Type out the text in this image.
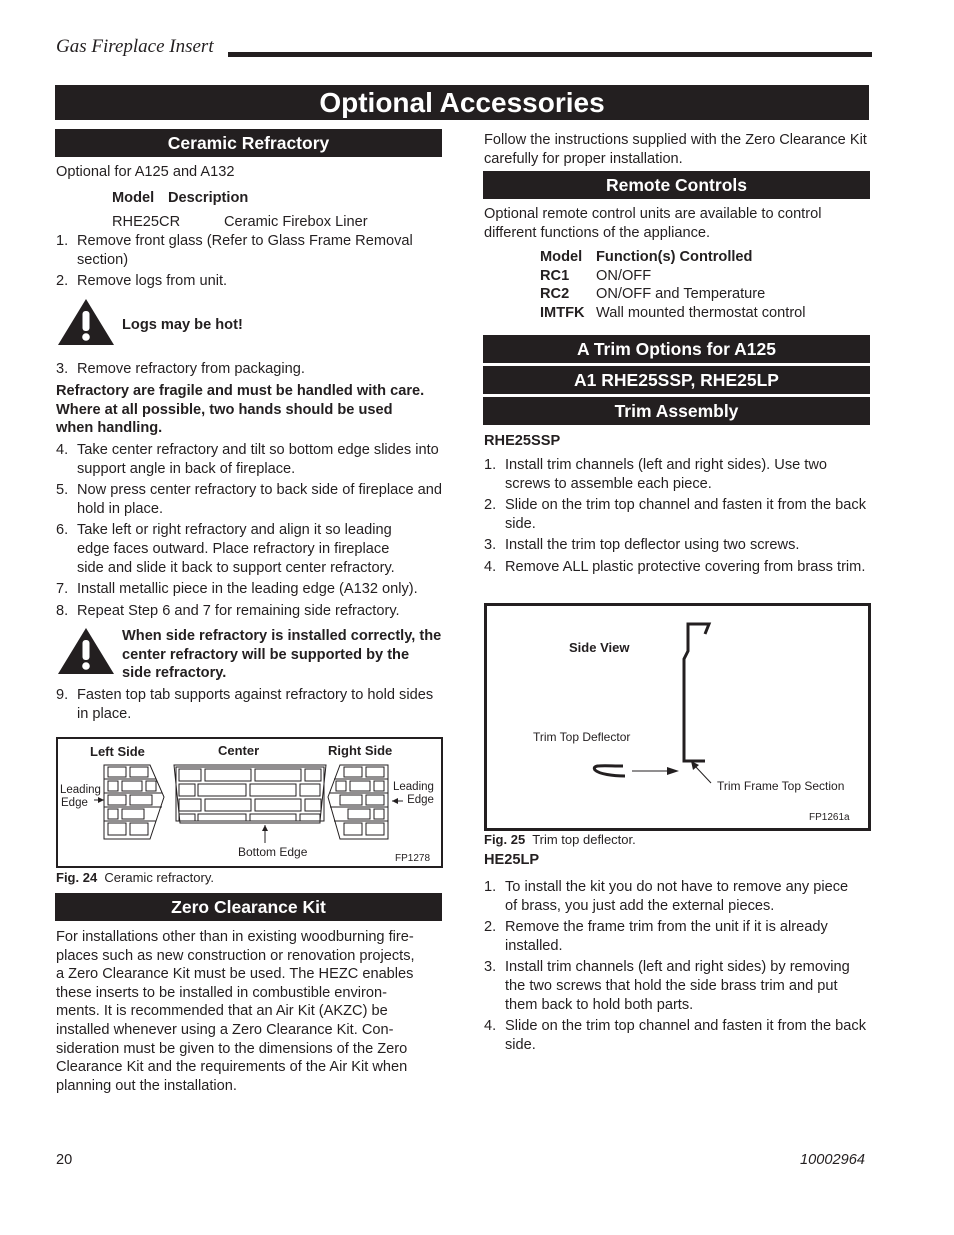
Gas Fireplace Insert
Optional Accessories
Ceramic Refractory
Optional for A125 and A132
Model Description
RHE25CR	Ceramic Firebox Liner
1. Remove front glass (Refer to Glass Frame Removal section)
2. Remove logs from unit.
Logs may be hot!
3. Remove refractory from packaging.
Refractory are fragile and must be handled with care. Where at all possible, two hands should be used when handling.
4. Take center refractory and tilt so bottom edge slides into support angle in back of fireplace.
5. Now press center refractory to back side of fireplace and hold in place.
6. Take left or right refractory and align it so leading edge faces outward. Place refractory in fireplace side and slide it back to support center refractory.
7. Install metallic piece in the leading edge (A132 only).
8. Repeat Step 6 and 7 for remaining side refractory.
When side refractory is installed correctly, the center refractory will be supported by the side refractory.
9. Fasten top tab supports against refractory to hold sides in place.
Left Side	Center	Right Side
Leading
Edge
Leading
Edge
Bottom Edge	FP1278
Fig. 24 Ceramic refractory.
Zero Clearance Kit
For installations other than in existing woodburning fire-
places such as new construction or renovation projects,
a Zero Clearance Kit must be used. The HEZC enables
these inserts to be installed in combustible environ-
ments. It is recommended that an Air Kit (AKZC) be
installed whenever using a Zero Clearance Kit. Con-
sideration must be given to the dimensions of the Zero
Clearance Kit and the requirements of the Air Kit when
planning out the installation.
Follow the instructions supplied with the Zero Clearance Kit carefully for proper installation.
Remote Controls
Optional remote control units are available to control different functions of the appliance.
Model	Function(s) Controlled
RC1	ON/OFF
RC2	ON/OFF and Temperature
IMTFK	Wall mounted thermostat control
A Trim Options for A125
A1 RHE25SSP, RHE25LP
Trim Assembly
RHE25SSP
1. Install trim channels (left and right sides). Use two screws to assemble each piece.
2. Slide on the trim top channel and fasten it from the back side.
3. Install the trim top deflector using two screws.
4. Remove ALL plastic protective covering from brass trim.
Side View
Trim Top Deflector
Trim Frame Top Section
FP1261a
Fig. 25 Trim top deflector.
HE25LP
1. To install the kit you do not have to remove any piece of brass, you just add the external pieces.
2. Remove the frame trim from the unit if it is already installed.
3. Install trim channels (left and right sides) by removing the two screws that hold the side brass trim and put them back to hold both parts.
4. Slide on the trim top channel and fasten it from the back side.
20	10002964
